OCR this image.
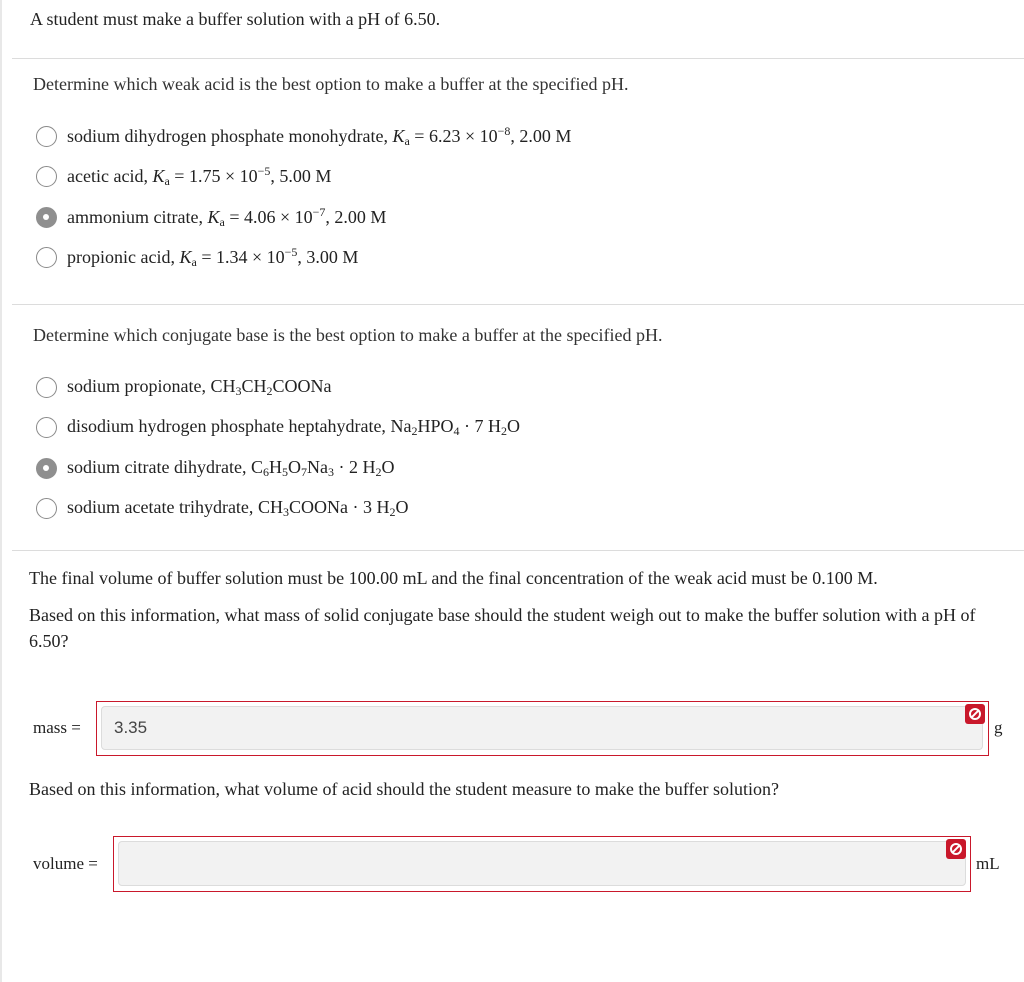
A student must make a buffer solution with a pH of 6.50.
Determine which weak acid is the best option to make a buffer at the specified pH.
sodium dihydrogen phosphate monohydrate, $K_a = 6.23 \times 10^{-8}$, 2.00 M
acetic acid, $K_a = 1.75 \times 10^{-5}$, 5.00 M
ammonium citrate, $K_a = 4.06 \times 10^{-7}$, 2.00 M
propionic acid, $K_a = 1.34 \times 10^{-5}$, 3.00 M
Determine which conjugate base is the best option to make a buffer at the specified pH.
sodium propionate, $CH_3CH_2COONa$
disodium hydrogen phosphate heptahydrate, $Na_2HPO_4 \cdot 7$ $H_2O$
sodium citrate dihydrate, $C_6H_5O_7Na_3 \cdot 2$ $H_2O$
sodium acetate trihydrate, $CH_3COONa \cdot 3$ $H_2O$
The final volume of buffer solution must be 100.00 mL and the final concentration of the weak acid must be 0.100 M.
Based on this information, what mass of solid conjugate base should the student weigh out to make the buffer solution with a pH of 6.50?
mass =	3.35	g
Based on this information, what volume of acid should the student measure to make the buffer solution?
volume =	mL
